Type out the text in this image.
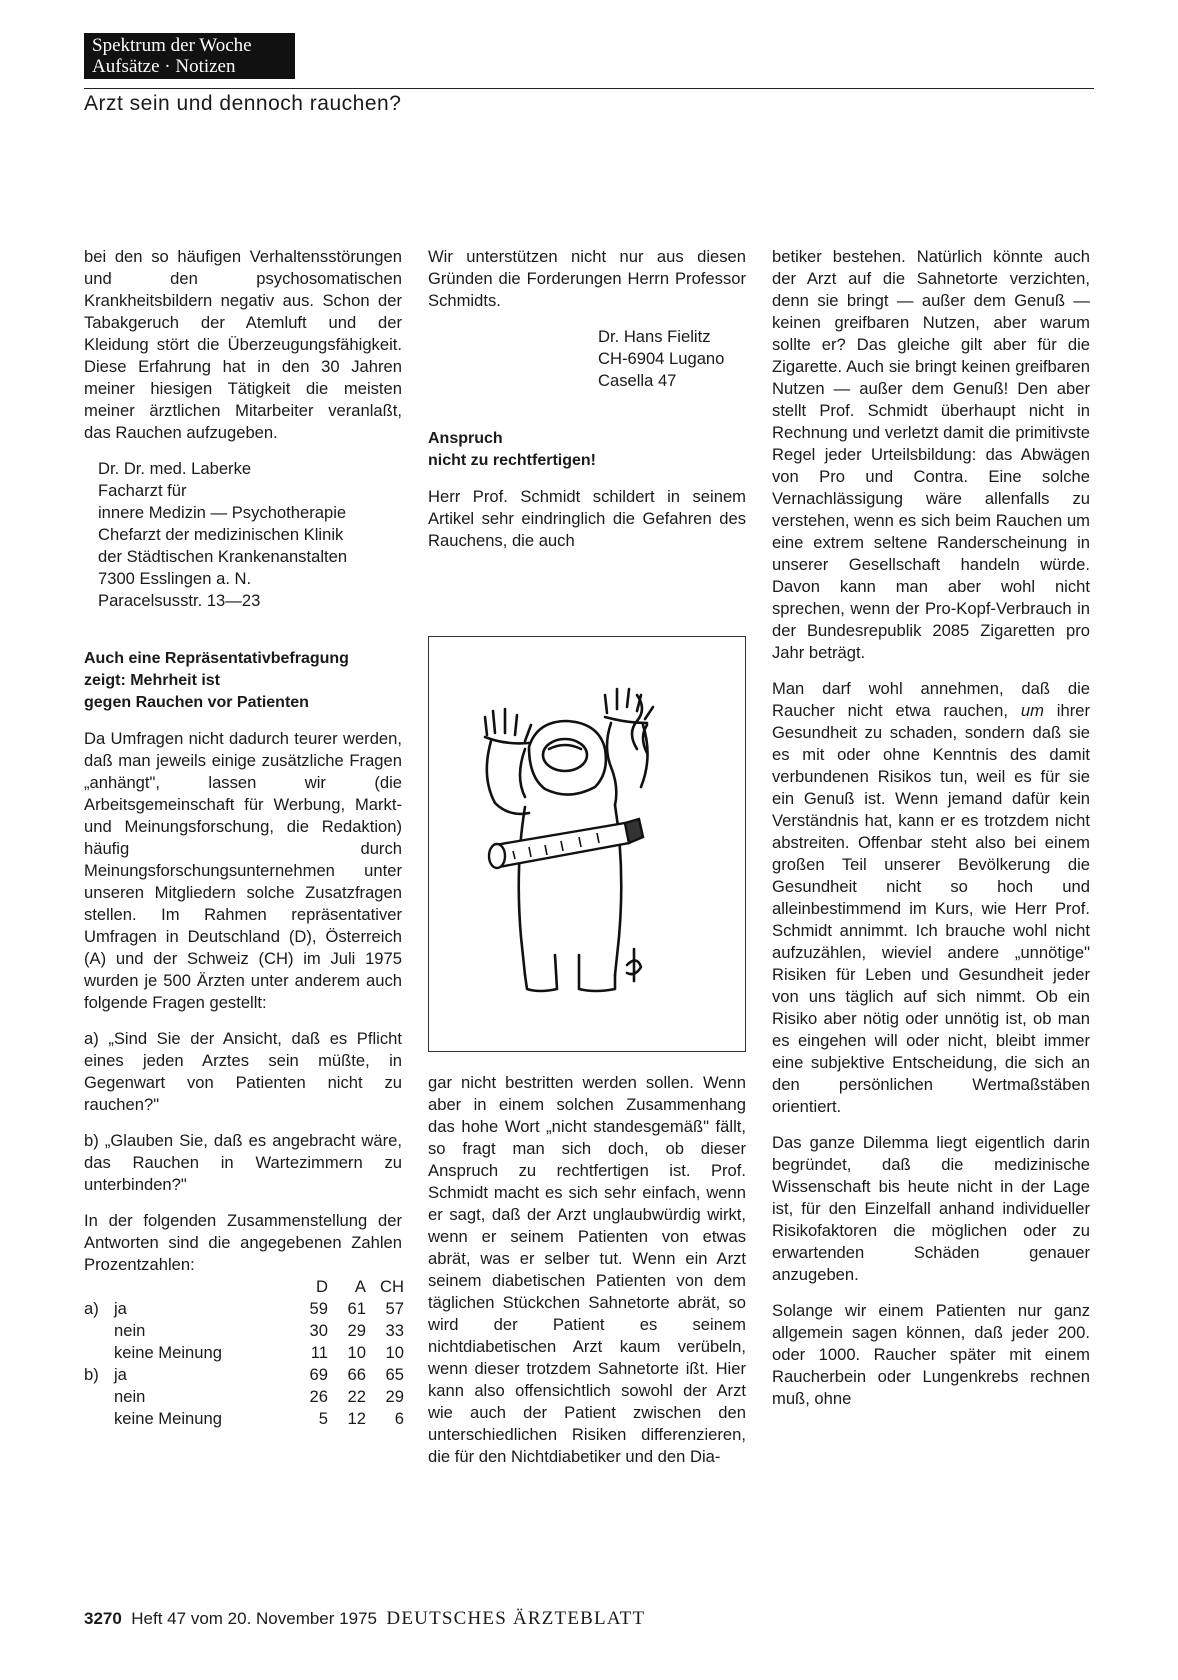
Spektrum der Woche
Aufsätze · Notizen
Arzt sein und dennoch rauchen?

bei den so häufigen Verhaltensstörungen und den psychosomatischen Krankheitsbildern negativ aus. Schon der Tabakgeruch der Atemluft und der Kleidung stört die Überzeugungsfähigkeit. Diese Erfahrung hat in den 30 Jahren meiner hiesigen Tätigkeit die meisten meiner ärztlichen Mitarbeiter veranlaßt, das Rauchen aufzugeben.

Dr. Dr. med. Laberke
Facharzt für
innere Medizin — Psychotherapie
Chefarzt der medizinischen Klinik
der Städtischen Krankenanstalten
7300 Esslingen a. N.
Paracelsusstr. 13—23
Auch eine Repräsentativbefragung
zeigt: Mehrheit ist
gegen Rauchen vor Patienten

Da Umfragen nicht dadurch teurer werden, daß man jeweils einige zusätzliche Fragen „anhängt", lassen wir (die Arbeitsgemeinschaft für Werbung, Markt- und Meinungsforschung, die Redaktion) häufig durch Meinungsforschungsunternehmen unter unseren Mitgliedern solche Zusatzfragen stellen. Im Rahmen repräsentativer Umfragen in Deutschland (D), Österreich (A) und der Schweiz (CH) im Juli 1975 wurden je 500 Ärzten unter anderem auch folgende Fragen gestellt:

a) „Sind Sie der Ansicht, daß es Pflicht eines jeden Arztes sein müßte, in Gegenwart von Patienten nicht zu rauchen?"

b) „Glauben Sie, daß es angebracht wäre, das Rauchen in Wartezimmern zu unterbinden?"

In der folgenden Zusammenstellung der Antworten sind die angegebenen Zahlen Prozentzahlen:

		D	A	CH
a)	ja	59	61	57
	nein	30	29	33
	keine Meinung	11	10	10
b)	ja	69	66	65
	nein	26	22	29
	keine Meinung	5	12	6

Wir unterstützen nicht nur aus diesen Gründen die Forderungen Herrn Professor Schmidts.

Dr. Hans Fielitz
CH-6904 Lugano
Casella 47
Anspruch
nicht zu rechtfertigen!

Herr Prof. Schmidt schildert in seinem Artikel sehr eindringlich die Gefahren des Rauchens, die auch

gar nicht bestritten werden sollen. Wenn aber in einem solchen Zusammenhang das hohe Wort „nicht standesgemäß" fällt, so fragt man sich doch, ob dieser Anspruch zu rechtfertigen ist. Prof. Schmidt macht es sich sehr einfach, wenn er sagt, daß der Arzt unglaubwürdig wirkt, wenn er seinem Patienten von etwas abrät, was er selber tut. Wenn ein Arzt seinem diabetischen Patienten von dem täglichen Stückchen Sahnetorte abrät, so wird der Patient es seinem nichtdiabetischen Arzt kaum verübeln, wenn dieser trotzdem Sahnetorte ißt. Hier kann also offensichtlich sowohl der Arzt wie auch der Patient zwischen den unterschiedlichen Risiken differenzieren, die für den Nichtdiabetiker und den Dia-

betiker bestehen. Natürlich könnte auch der Arzt auf die Sahnetorte verzichten, denn sie bringt — außer dem Genuß — keinen greifbaren Nutzen, aber warum sollte er? Das gleiche gilt aber für die Zigarette. Auch sie bringt keinen greifbaren Nutzen — außer dem Genuß! Den aber stellt Prof. Schmidt überhaupt nicht in Rechnung und verletzt damit die primitivste Regel jeder Urteilsbildung: das Abwägen von Pro und Contra. Eine solche Vernachlässigung wäre allenfalls zu verstehen, wenn es sich beim Rauchen um eine extrem seltene Randerscheinung in unserer Gesellschaft handeln würde. Davon kann man aber wohl nicht sprechen, wenn der Pro-Kopf-Verbrauch in der Bundesrepublik 2085 Zigaretten pro Jahr beträgt.

Man darf wohl annehmen, daß die Raucher nicht etwa rauchen, um ihrer Gesundheit zu schaden, sondern daß sie es mit oder ohne Kenntnis des damit verbundenen Risikos tun, weil es für sie ein Genuß ist. Wenn jemand dafür kein Verständnis hat, kann er es trotzdem nicht abstreiten. Offenbar steht also bei einem großen Teil unserer Bevölkerung die Gesundheit nicht so hoch und alleinbestimmend im Kurs, wie Herr Prof. Schmidt annimmt. Ich brauche wohl nicht aufzuzählen, wieviel andere „unnötige" Risiken für Leben und Gesundheit jeder von uns täglich auf sich nimmt. Ob ein Risiko aber nötig oder unnötig ist, ob man es eingehen will oder nicht, bleibt immer eine subjektive Entscheidung, die sich an den persönlichen Wertmaßstäben orientiert.

Das ganze Dilemma liegt eigentlich darin begründet, daß die medizinische Wissenschaft bis heute nicht in der Lage ist, für den Einzelfall anhand individueller Risikofaktoren die möglichen oder zu erwartenden Schäden genauer anzugeben.

Solange wir einem Patienten nur ganz allgemein sagen können, daß jeder 200. oder 1000. Raucher später mit einem Raucherbein oder Lungenkrebs rechnen muß, ohne

3270 Heft 47 vom 20. November 1975 DEUTSCHES ÄRZTEBLATT
